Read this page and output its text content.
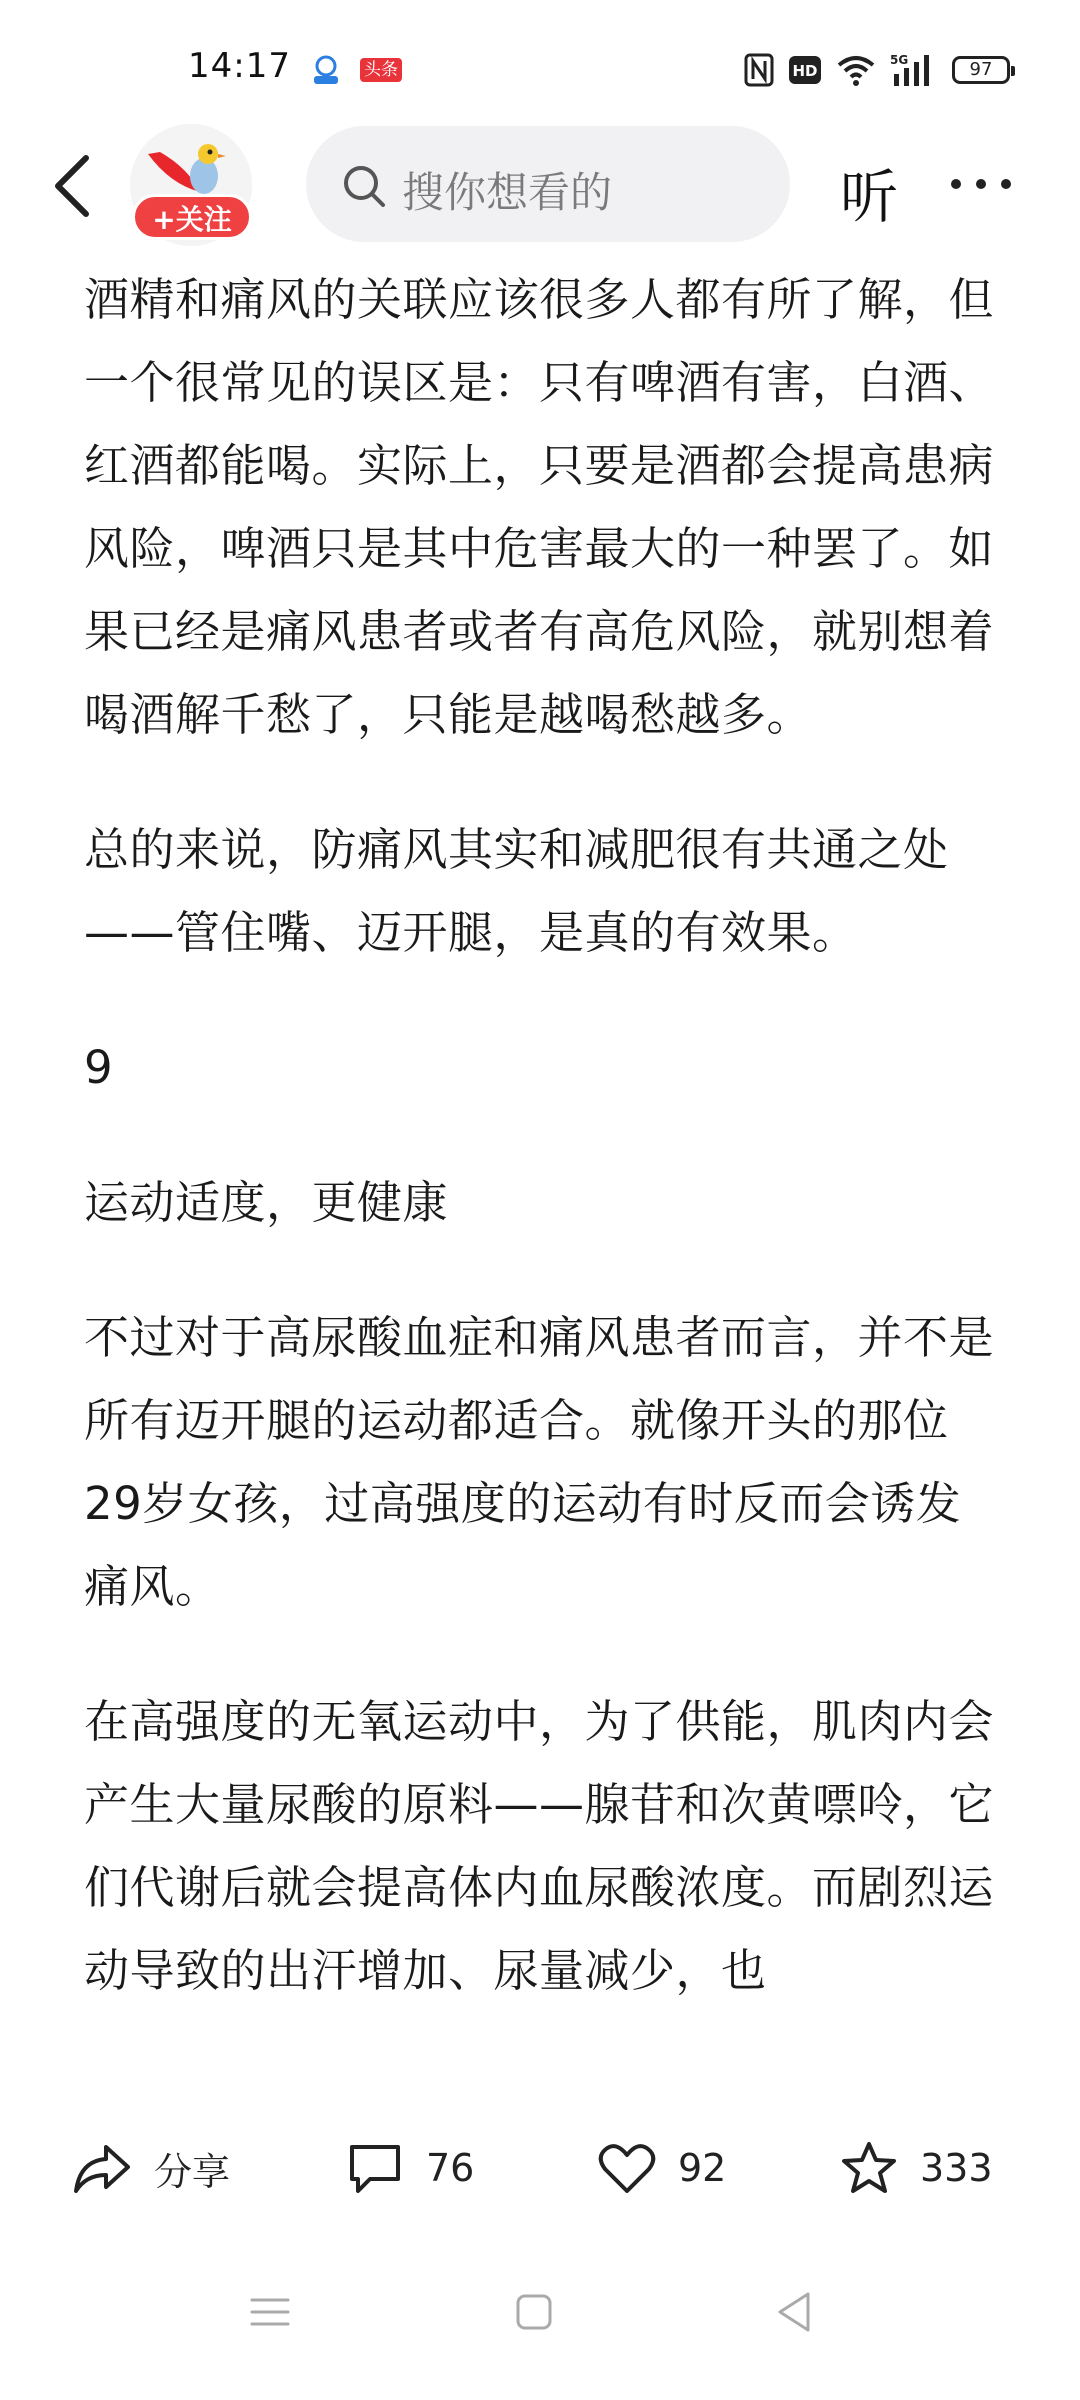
14:17	头条	HD
5G	97
+关注
搜你想看的	听

酒精和痛风的关联应该很多人都有所了解，但一个很常见的误区是：只有啤酒有害，白酒、红酒都能喝。实际上，只要是酒都会提高患病风险，啤酒只是其中危害最大的一种罢了。如果已经是痛风患者或者有高危风险，就别想着喝酒解千愁了，只能是越喝愁越多。

总的来说，防痛风其实和减肥很有共通之处——管住嘴、迈开腿，是真的有效果。

9

运动适度，更健康

不过对于高尿酸血症和痛风患者而言，并不是所有迈开腿的运动都适合。就像开头的那位29岁女孩，过高强度的运动有时反而会诱发痛风。

在高强度的无氧运动中，为了供能，肌肉内会产生大量尿酸的原料——腺苷和次黄嘌呤，它们代谢后就会提高体内血尿酸浓度。而剧烈运动导致的出汗增加、尿量减少，也

分享	76	92	333
